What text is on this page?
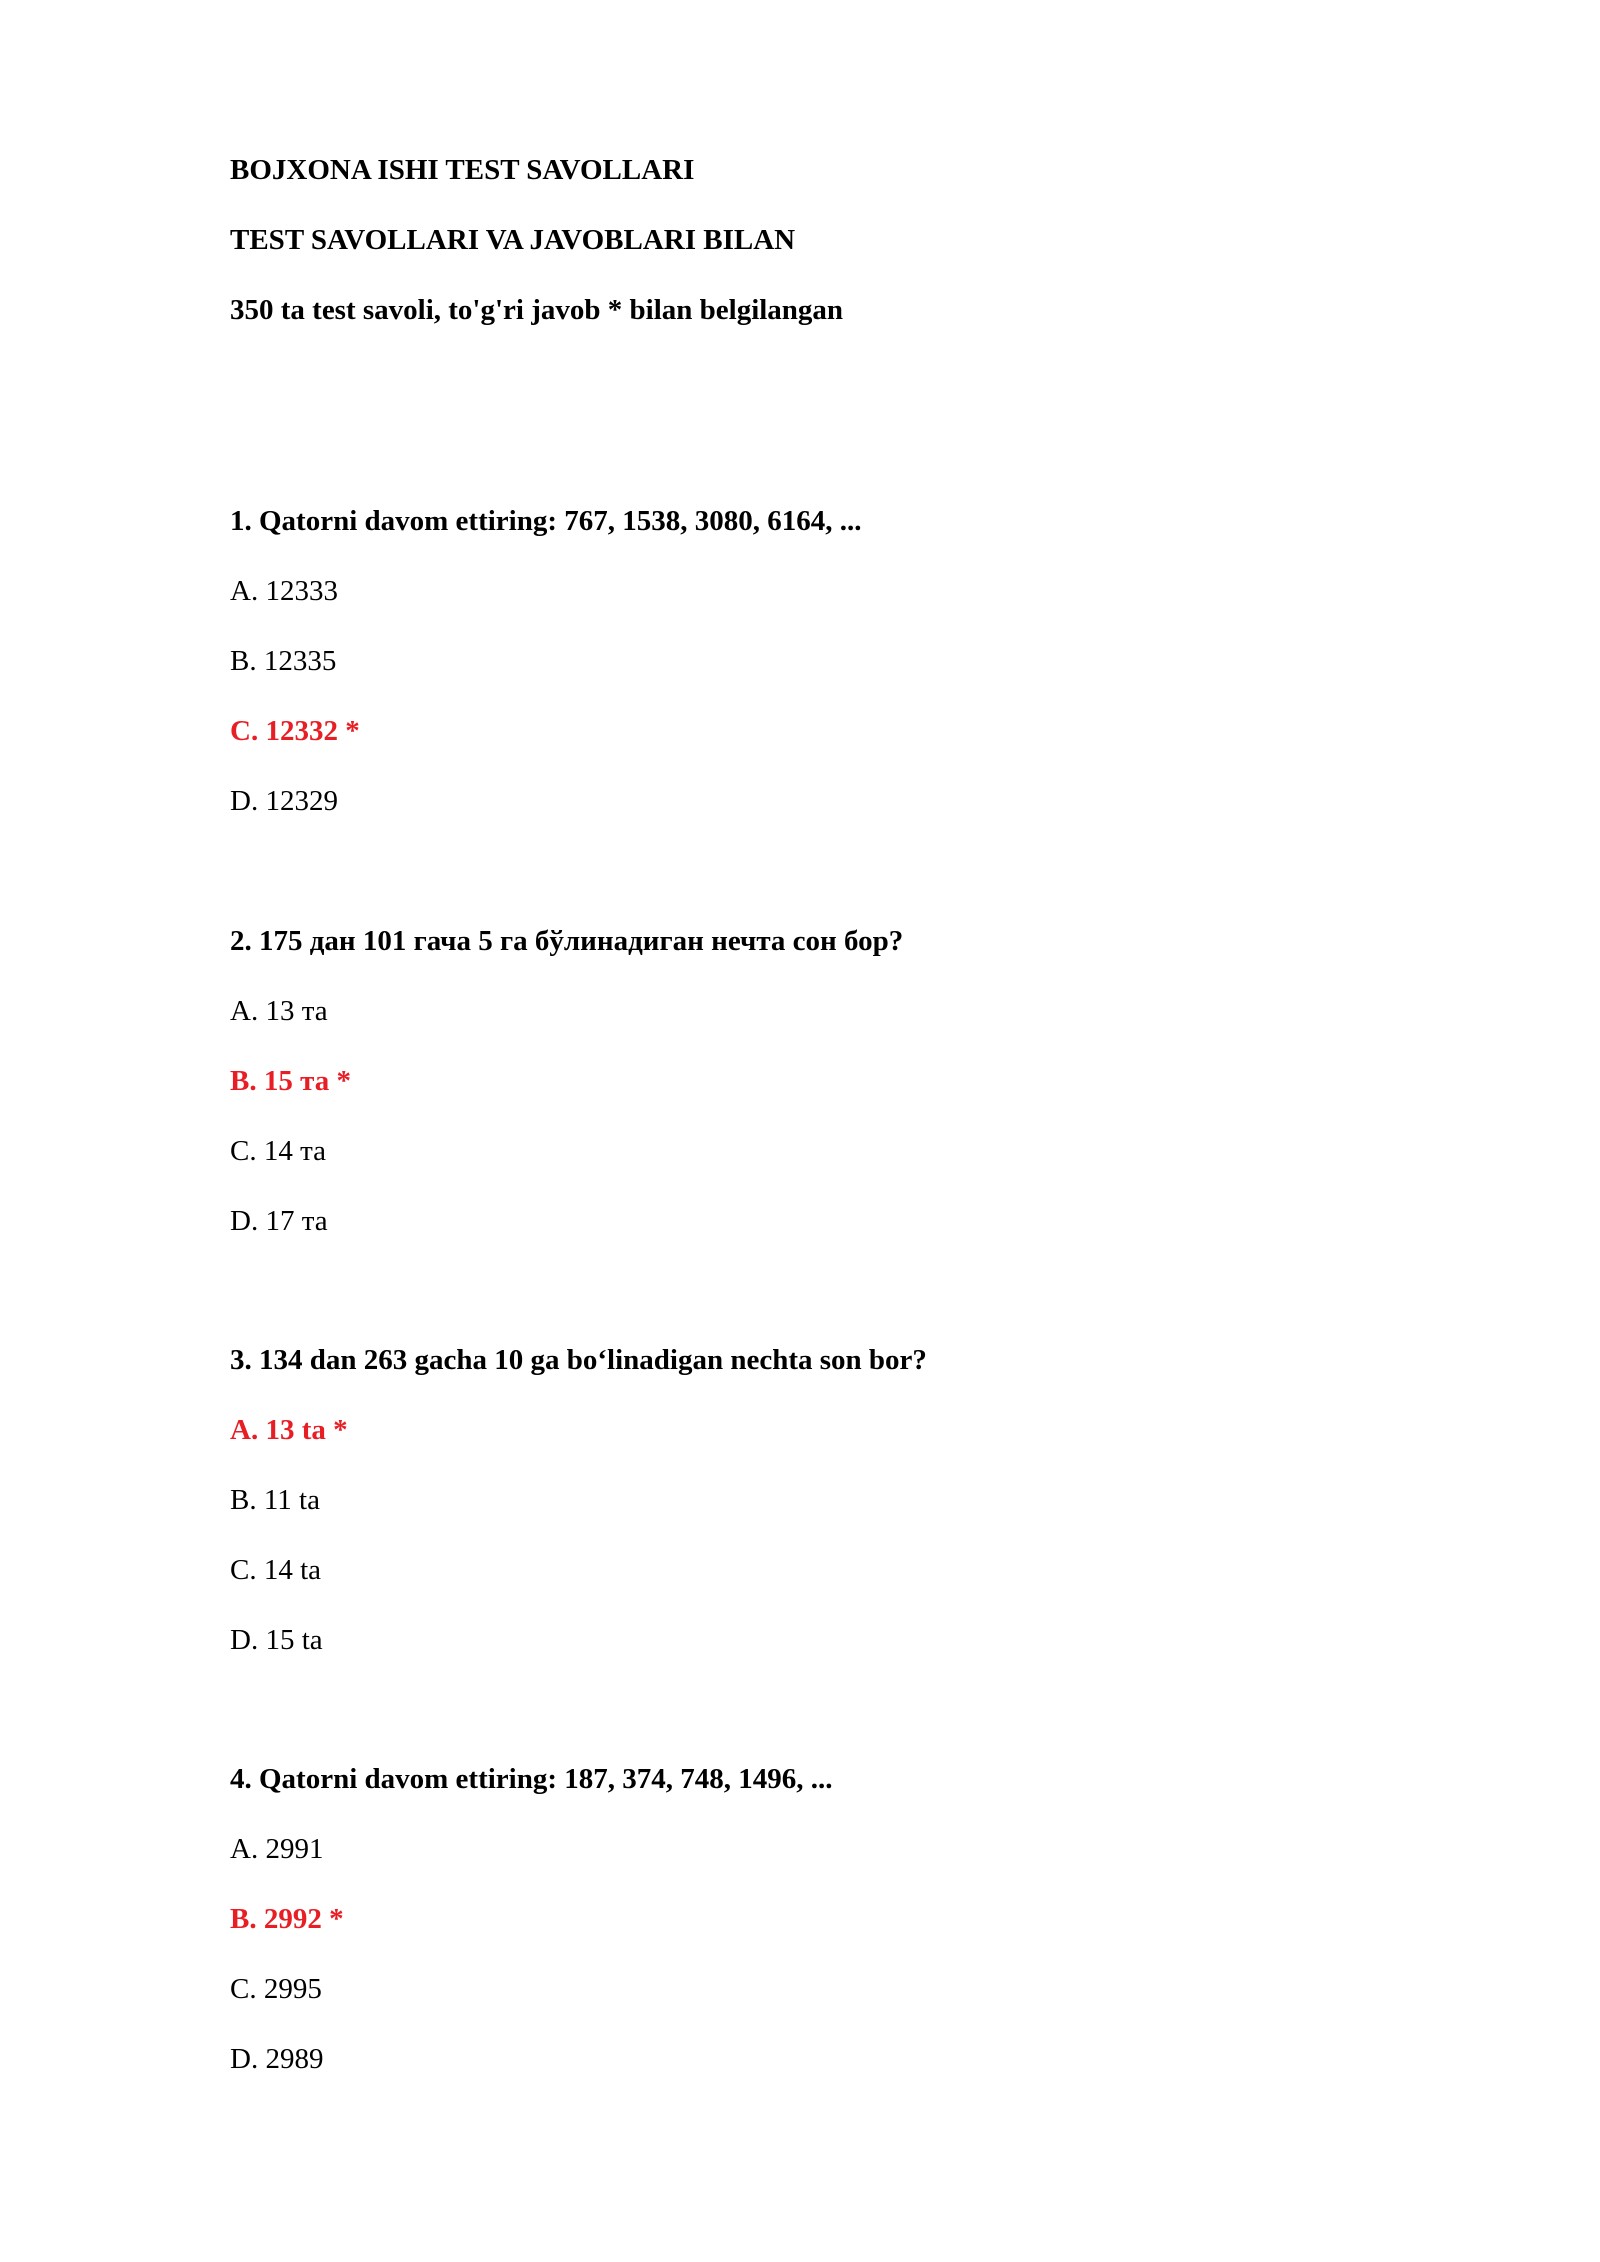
BOJXONA ISHI TEST SAVOLLARI
TEST SAVOLLARI VA JAVOBLARI BILAN
350 ta test savoli, to'g'ri javob * bilan belgilangan
1. Qatorni davom ettiring: 767, 1538, 3080, 6164, ...
A. 12333
B. 12335
C. 12332 *
D. 12329
2. 175 дан 101 гача 5 га бўлинадиган нечта сон бор?
A. 13 та
B. 15 та *
C. 14 та
D. 17 та
3. 134 dan 263 gacha 10 ga bo‘linadigan nechta son bor?
A. 13 ta *
B. 11 ta
C. 14 ta
D. 15 ta
4. Qatorni davom ettiring: 187, 374, 748, 1496, ...
A. 2991
B. 2992 *
C. 2995
D. 2989
